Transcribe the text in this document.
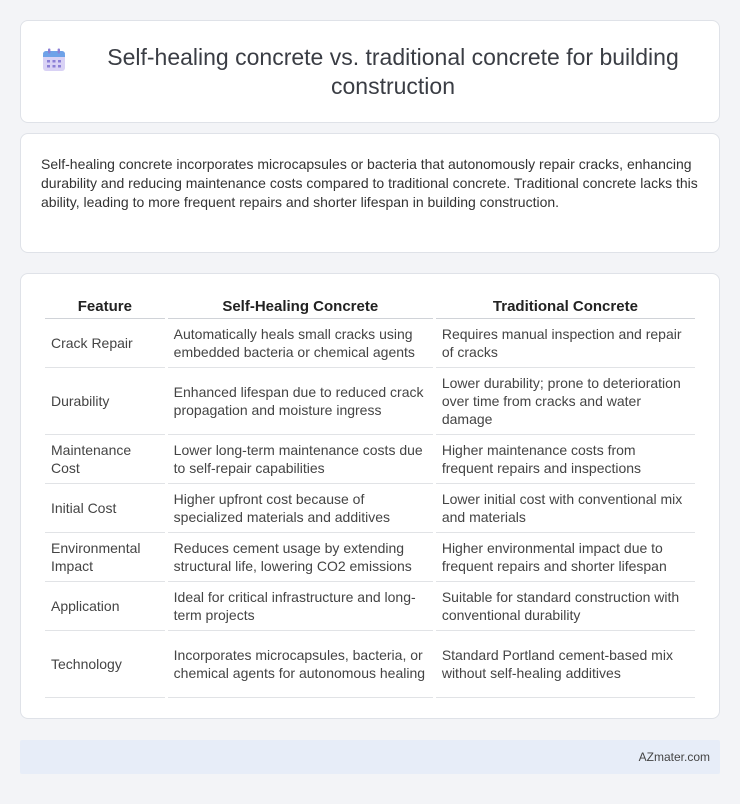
Self-healing concrete vs. traditional concrete for building construction

Self-healing concrete incorporates microcapsules or bacteria that autonomously repair cracks, enhancing durability and reducing maintenance costs compared to traditional concrete. Traditional concrete lacks this ability, leading to more frequent repairs and shorter lifespan in building construction.

Feature	Self-Healing Concrete	Traditional Concrete
Crack Repair	Automatically heals small cracks using embedded bacteria or chemical agents	Requires manual inspection and repair of cracks
Durability	Enhanced lifespan due to reduced crack propagation and moisture ingress	Lower durability; prone to deterioration over time from cracks and water damage
Maintenance Cost	Lower long-term maintenance costs due to self-repair capabilities	Higher maintenance costs from frequent repairs and inspections
Initial Cost	Higher upfront cost because of specialized materials and additives	Lower initial cost with conventional mix and materials
Environmental Impact	Reduces cement usage by extending structural life, lowering CO2 emissions	Higher environmental impact due to frequent repairs and shorter lifespan
Application	Ideal for critical infrastructure and long-term projects	Suitable for standard construction with conventional durability
Technology	Incorporates microcapsules, bacteria, or chemical agents for autonomous healing	Standard Portland cement-based mix without self-healing additives
AZmater.com
